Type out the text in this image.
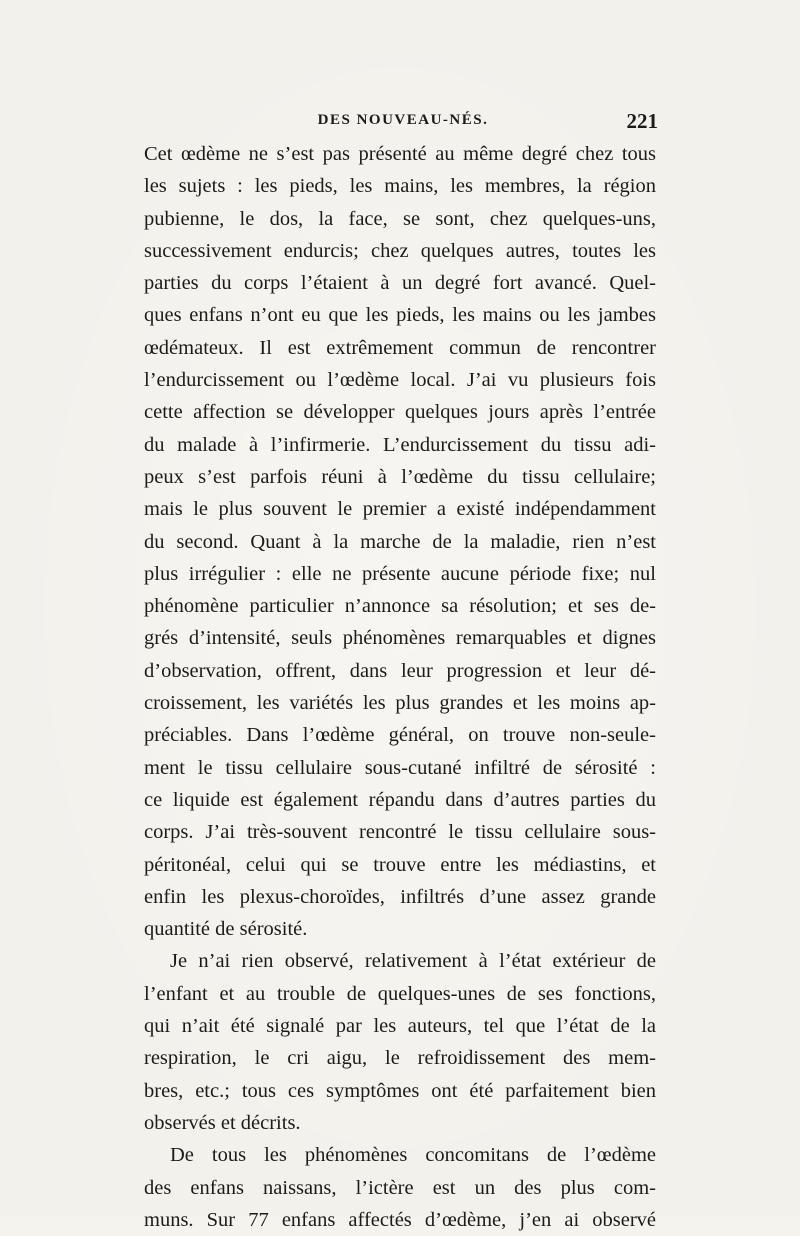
DES NOUVEAU-NÉS.	221
Cet œdème ne s’est pas présenté au même degré chez tous
les sujets : les pieds, les mains, les membres, la région
pubienne, le dos, la face, se sont, chez quelques-uns,
successivement endurcis; chez quelques autres, toutes les
parties du corps l’étaient à un degré fort avancé. Quel-
ques enfans n’ont eu que les pieds, les mains ou les jambes
œdémateux. Il est extrêmement commun de rencontrer
l’endurcissement ou l’œdème local. J’ai vu plusieurs fois
cette affection se développer quelques jours après l’entrée
du malade à l’infirmerie. L’endurcissement du tissu adi-
peux s’est parfois réuni à l’œdème du tissu cellulaire;
mais le plus souvent le premier a existé indépendamment
du second. Quant à la marche de la maladie, rien n’est
plus irrégulier : elle ne présente aucune période fixe; nul
phénomène particulier n’annonce sa résolution; et ses de-
grés d’intensité, seuls phénomènes remarquables et dignes
d’observation, offrent, dans leur progression et leur dé-
croissement, les variétés les plus grandes et les moins ap-
préciables. Dans l’œdème général, on trouve non-seule-
ment le tissu cellulaire sous-cutané infiltré de sérosité :
ce liquide est également répandu dans d’autres parties du
corps. J’ai très-souvent rencontré le tissu cellulaire sous-
péritonéal, celui qui se trouve entre les médiastins, et
enfin les plexus-choroïdes, infiltrés d’une assez grande
quantité de sérosité.
Je n’ai rien observé, relativement à l’état extérieur de
l’enfant et au trouble de quelques-unes de ses fonctions,
qui n’ait été signalé par les auteurs, tel que l’état de la
respiration, le cri aigu, le refroidissement des mem-
bres, etc.; tous ces symptômes ont été parfaitement bien
observés et décrits.
De tous les phénomènes concomitans de l’œdème
des enfans naissans, l’ictère est un des plus com-
muns. Sur 77 enfans affectés d’œdème, j’en ai observé
